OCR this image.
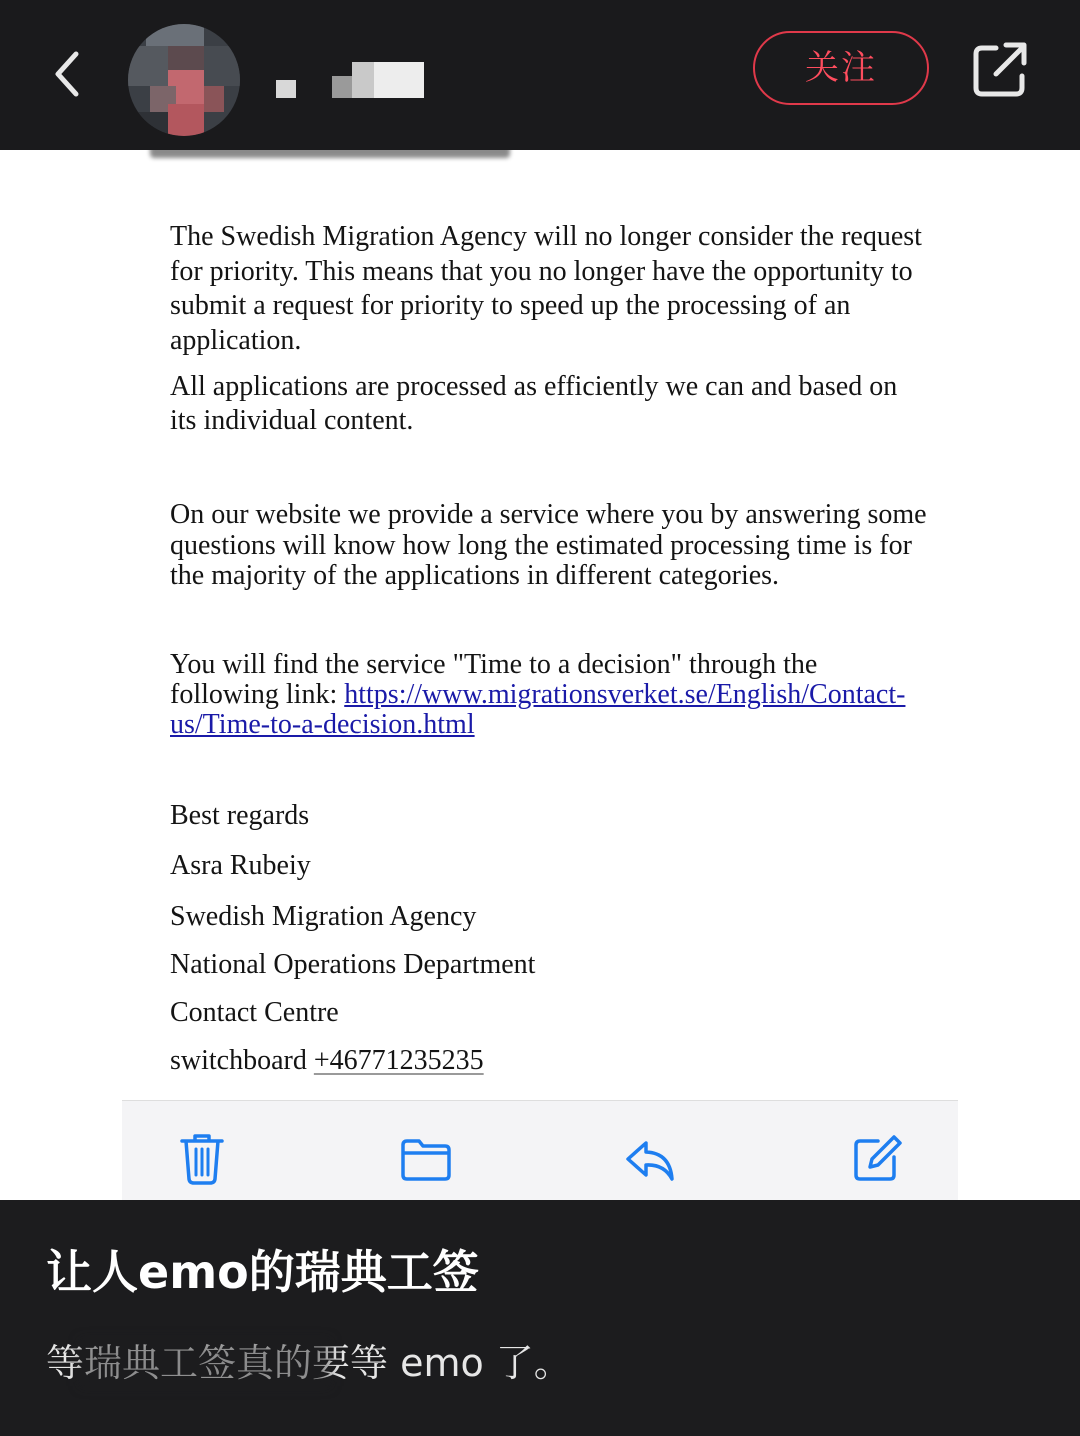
关注

The Swedish Migration Agency will no longer consider the request for priority. This means that you no longer have the opportunity to submit a request for priority to speed up the processing of an application.

All applications are processed as efficiently we can and based on its individual content.

On our website we provide a service where you by answering some questions will know how long the estimated processing time is for the majority of the applications in different categories.

You will find the service "Time to a decision" through the following link: https://www.migrationsverket.se/English/Contact-us/Time-to-a-decision.html

Best regards
Asra Rubeiy
Swedish Migration Agency
National Operations Department
Contact Centre
switchboard +46771235235
让人emo的瑞典工签

等瑞典工签真的要等 emo 了。
